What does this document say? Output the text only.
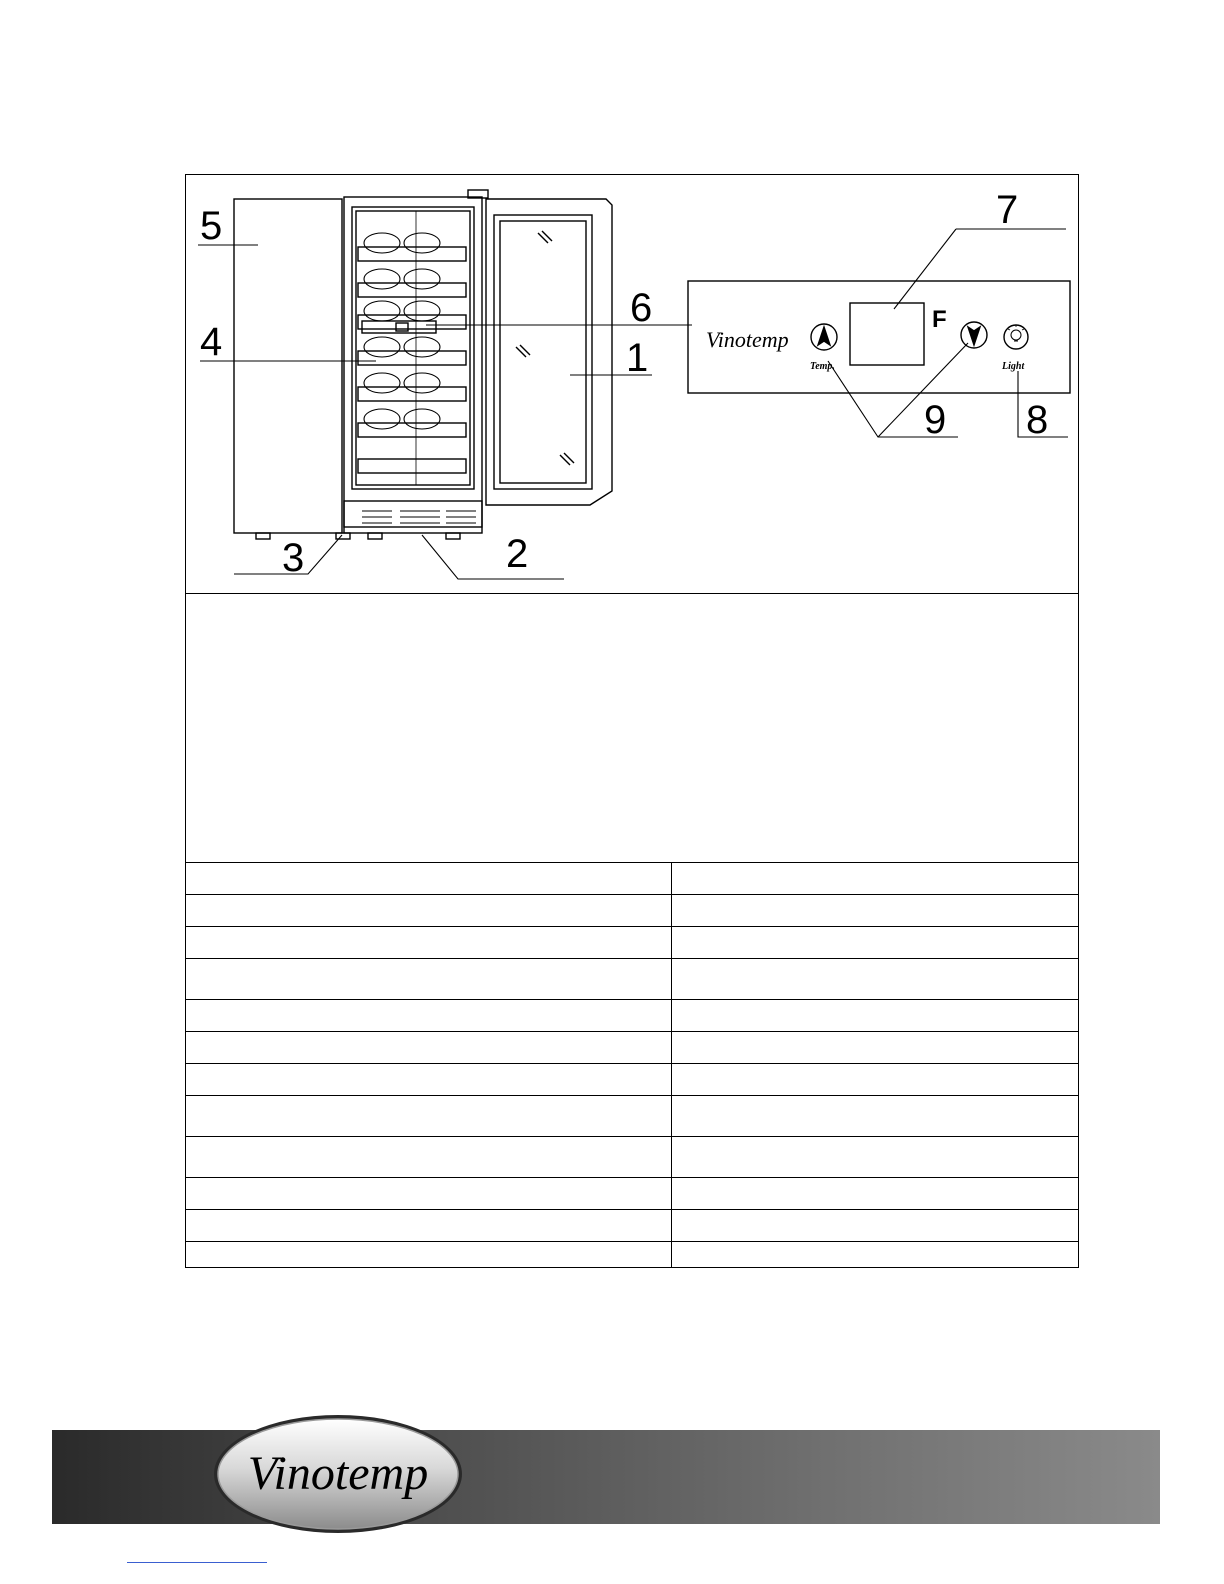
5
4
6
1
3	2
7
8
9
Vinotemp
F
Temp.	Light

Vinotemp
